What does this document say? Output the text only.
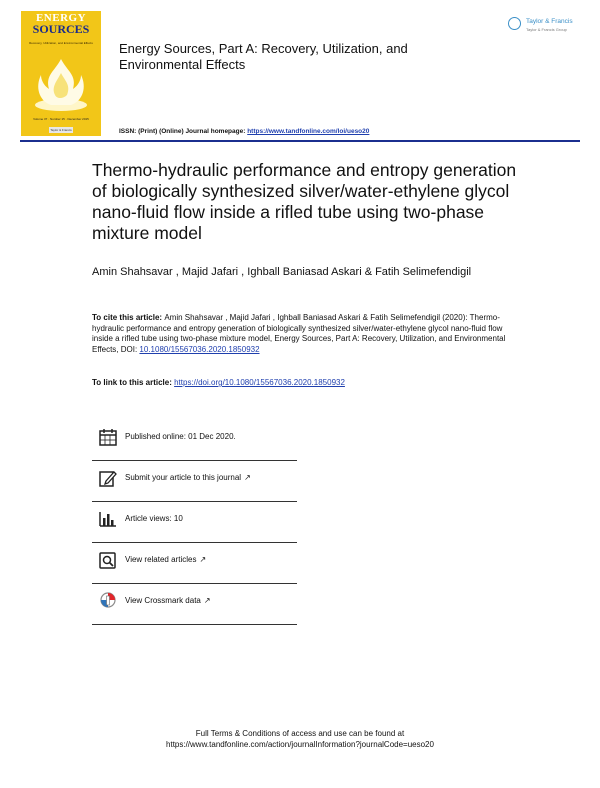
ENERGY
SOURCES
Recovery, Utilization, and Environmental Effects
Volume 37 · Number 15 · December 2015
Taylor & Francis
Energy Sources, Part A: Recovery, Utilization, and Environmental Effects
Taylor & Francis
Taylor & Francis Group
ISSN: (Print) (Online) Journal homepage: https://www.tandfonline.com/loi/ueso20
Thermo-hydraulic performance and entropy generation of biologically synthesized silver/water-ethylene glycol nano-fluid flow inside a rifled tube using two-phase mixture model
Amin Shahsavar , Majid Jafari , Ighball Baniasad Askari & Fatih Selimefendigil
To cite this article: Amin Shahsavar , Majid Jafari , Ighball Baniasad Askari & Fatih Selimefendigil (2020): Thermo-hydraulic performance and entropy generation of biologically synthesized silver/water-ethylene glycol nano-fluid flow inside a rifled tube using two-phase mixture model, Energy Sources, Part A: Recovery, Utilization, and Environmental Effects, DOI: 10.1080/15567036.2020.1850932
To link to this article: https://doi.org/10.1080/15567036.2020.1850932
Published online: 01 Dec 2020.
Submit your article to this journal ↗
Article views: 10
View related articles ↗
View Crossmark data ↗
Full Terms & Conditions of access and use can be found at
https://www.tandfonline.com/action/journalInformation?journalCode=ueso20
